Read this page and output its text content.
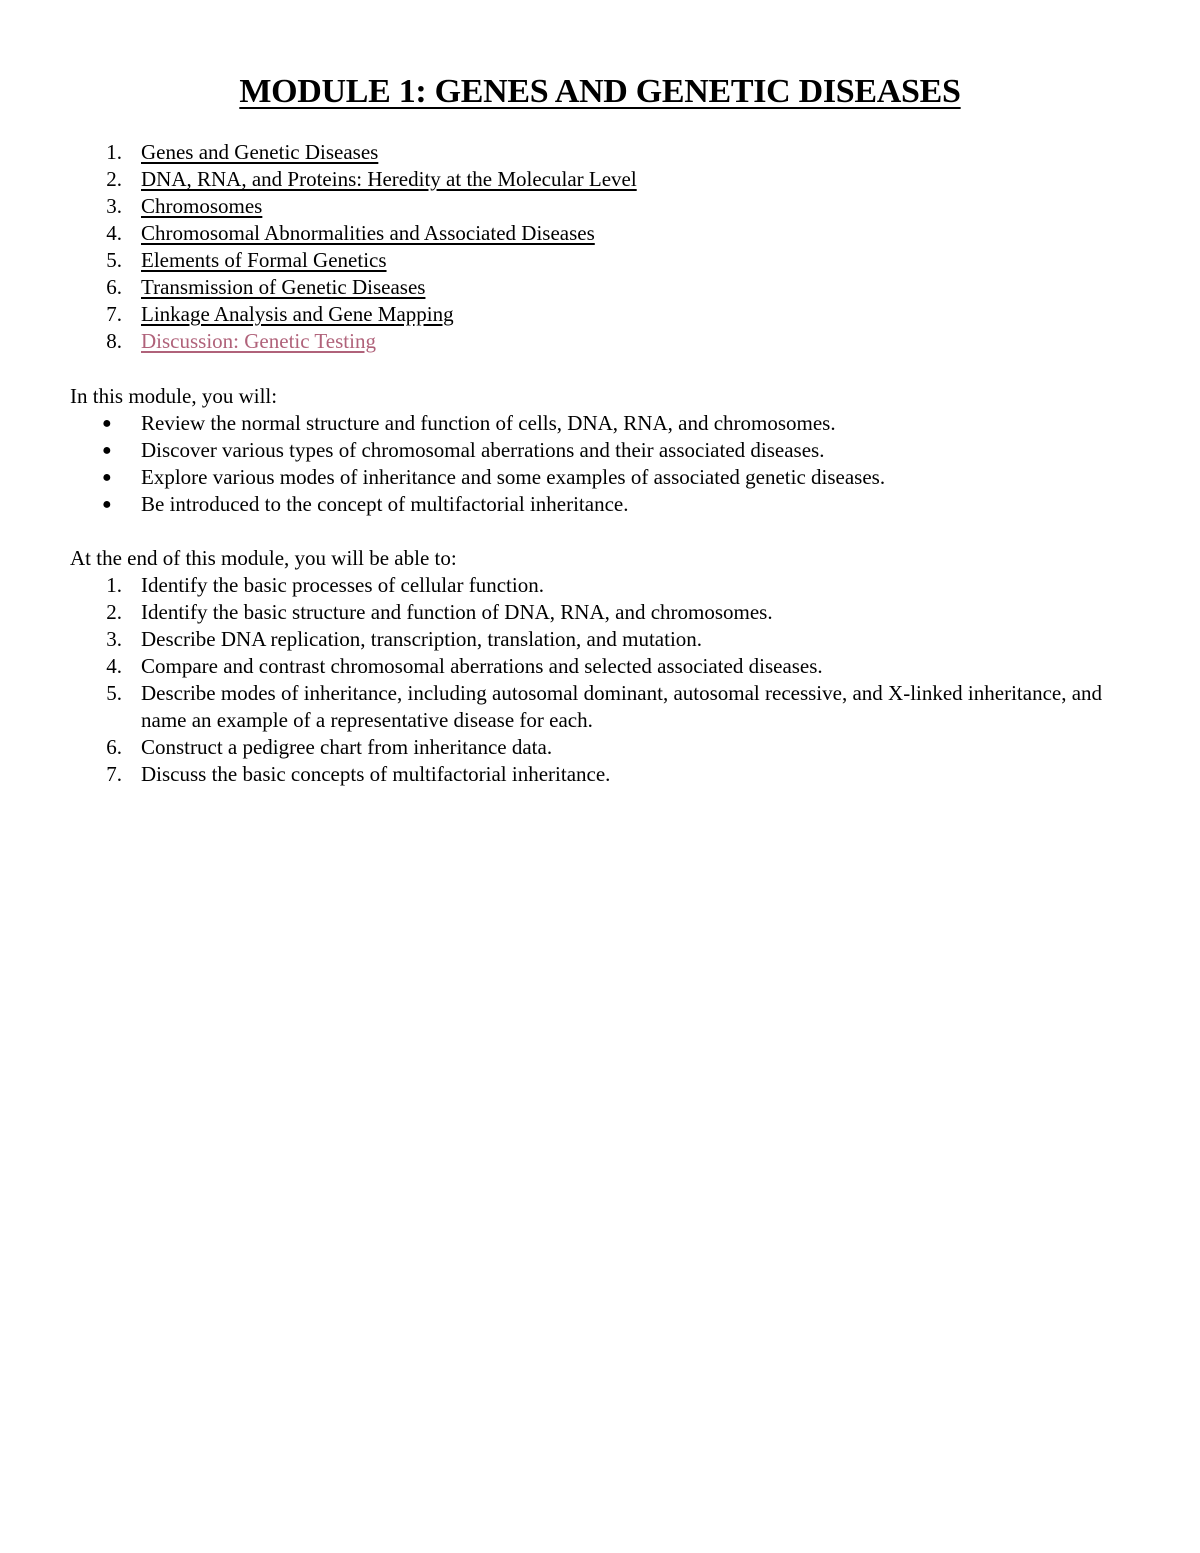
MODULE 1: GENES AND GENETIC DISEASES
1. Genes and Genetic Diseases
2. DNA, RNA, and Proteins: Heredity at the Molecular Level
3. Chromosomes
4. Chromosomal Abnormalities and Associated Diseases
5. Elements of Formal Genetics
6. Transmission of Genetic Diseases
7. Linkage Analysis and Gene Mapping
8. Discussion: Genetic Testing

In this module, you will:

● Review the normal structure and function of cells, DNA, RNA, and chromosomes.
● Discover various types of chromosomal aberrations and their associated diseases.
● Explore various modes of inheritance and some examples of associated genetic diseases.
● Be introduced to the concept of multifactorial inheritance.

At the end of this module, you will be able to:

1. Identify the basic processes of cellular function.
2. Identify the basic structure and function of DNA, RNA, and chromosomes.
3. Describe DNA replication, transcription, translation, and mutation.
4. Compare and contrast chromosomal aberrations and selected associated diseases.
5. Describe modes of inheritance, including autosomal dominant, autosomal recessive, and X-linked inheritance, and name an example of a representative disease for each.
6. Construct a pedigree chart from inheritance data.
7. Discuss the basic concepts of multifactorial inheritance.
